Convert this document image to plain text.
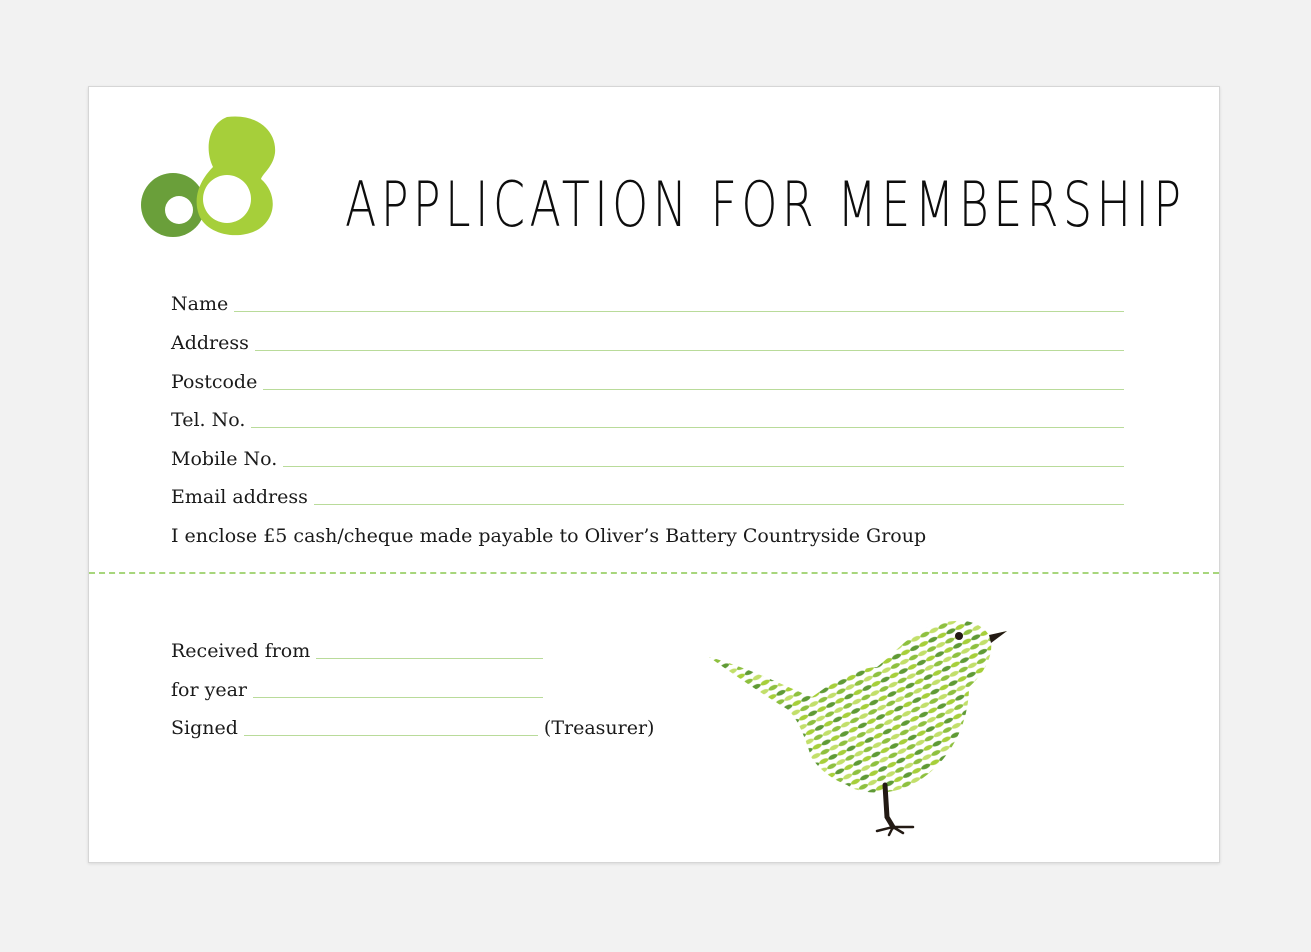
APPLICATION FOR MEMBERSHIP
Name
Address
Postcode
Tel. No.
Mobile No.
Email address
I enclose £5 cash/cheque made payable to Oliver’s Battery Countryside Group
Received from
for year
Signed	(Treasurer)
